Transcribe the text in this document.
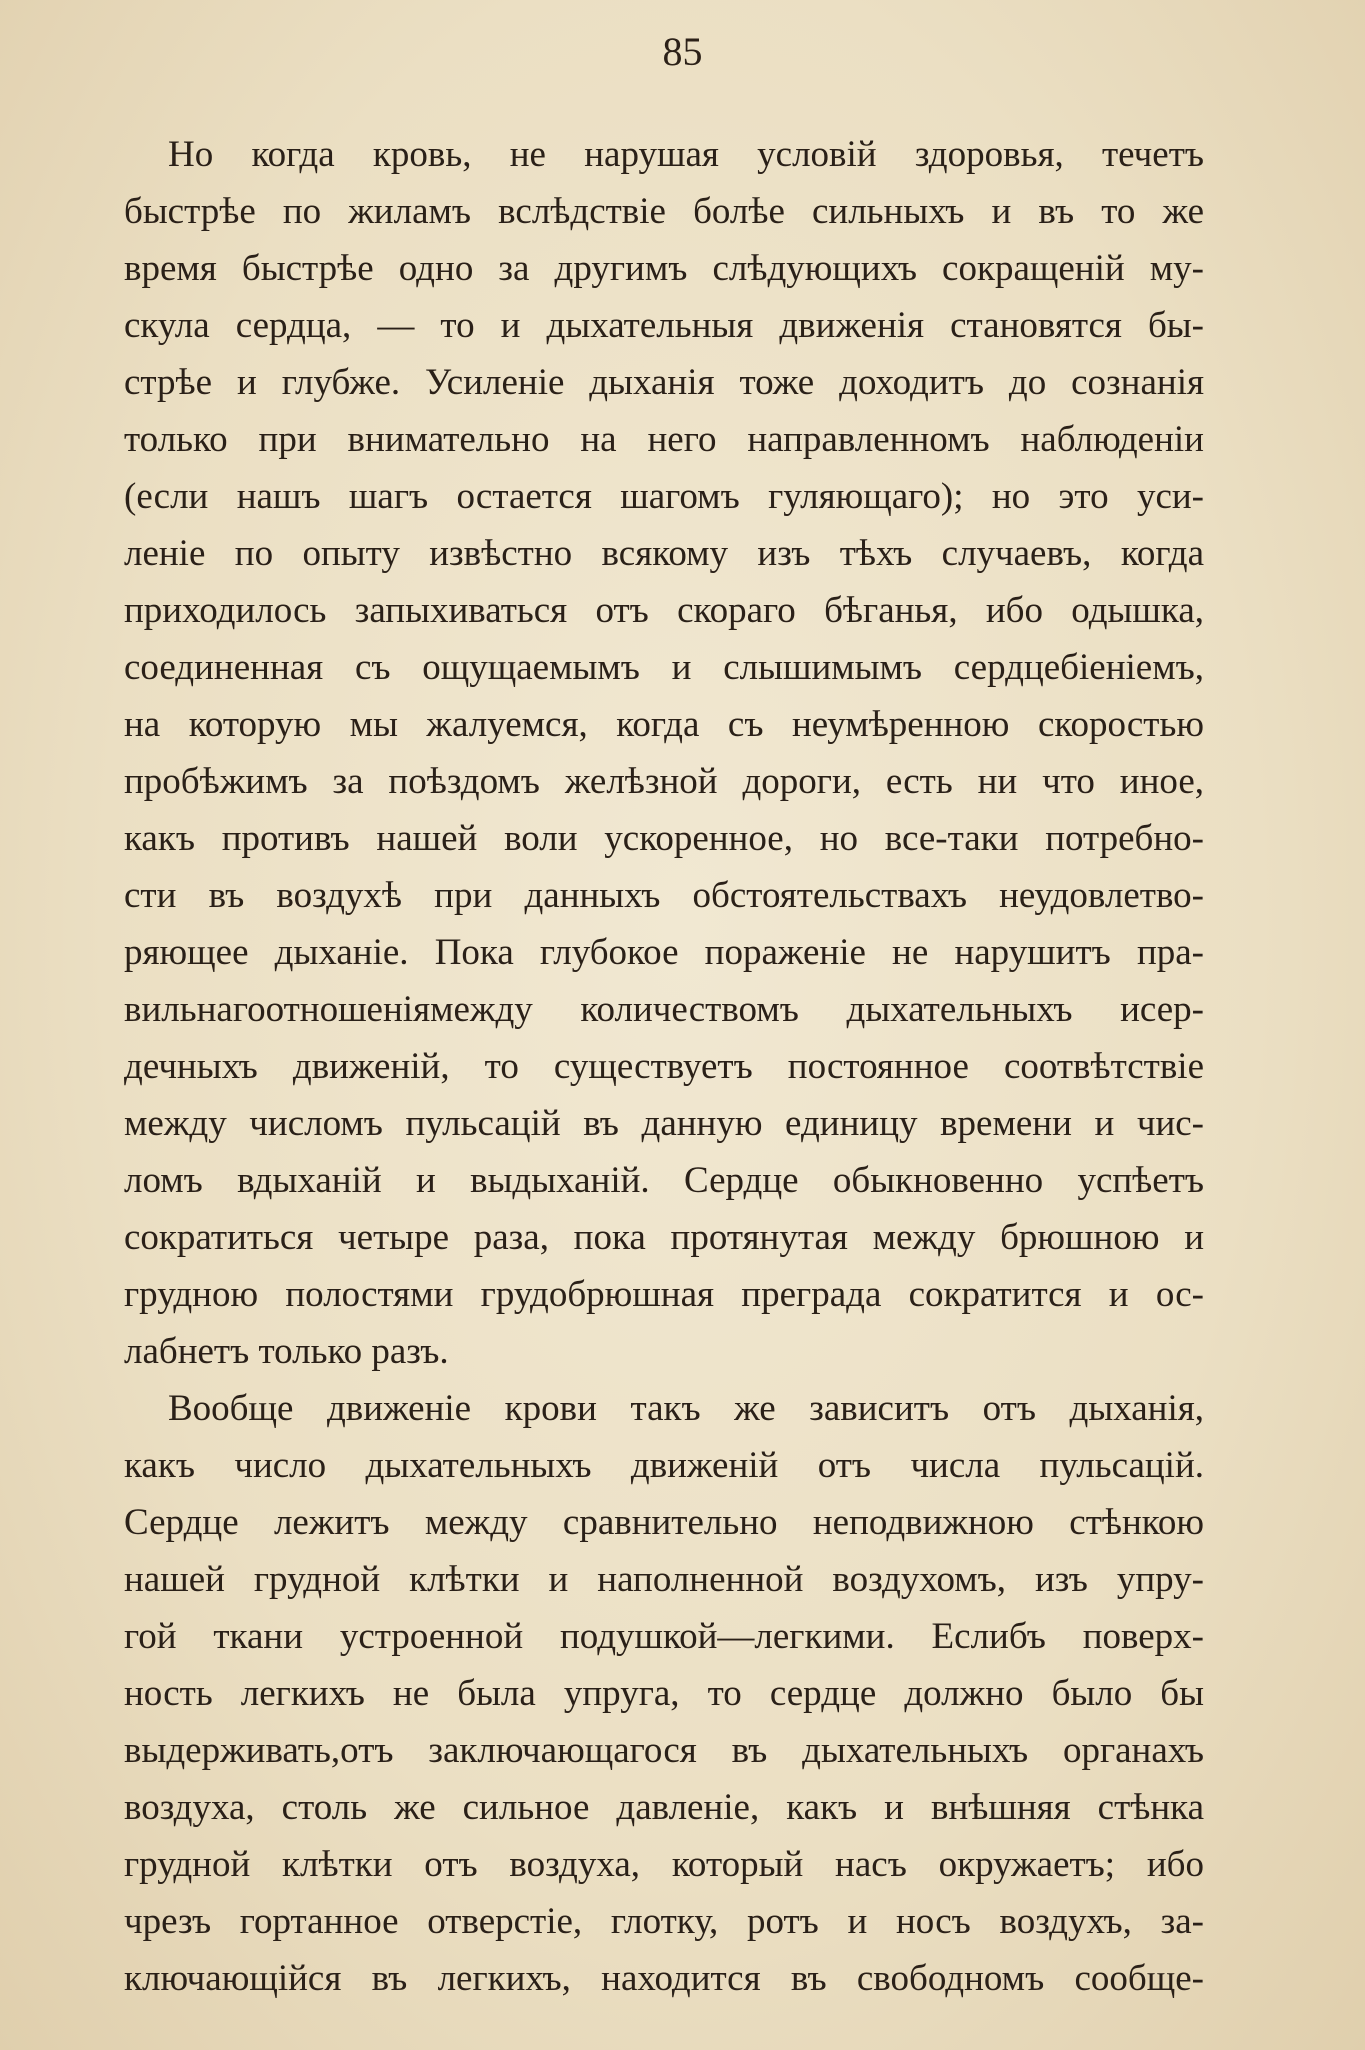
85
Но когда кровь, не нарушая условій здоровья, течетъ
быстрѣе по жиламъ вслѣдствіе болѣе сильныхъ и въ то же
время быстрѣе одно за другимъ слѣдующихъ сокращеній му-
скула сердца, — то и дыхательныя движенія становятся бы-
стрѣе и глубже. Усиленіе дыханія тоже доходитъ до сознанія
только при внимательно на него направленномъ наблюденіи
(если нашъ шагъ остается шагомъ гуляющаго); но это уси-
леніе по опыту извѣстно всякому изъ тѣхъ случаевъ, когда
приходилось запыхиваться отъ скораго бѣганья, ибо одышка,
соединенная съ ощущаемымъ и слышимымъ сердцебіеніемъ,
на которую мы жалуемся, когда съ неумѣренною скоростью
пробѣжимъ за поѣздомъ желѣзной дороги, есть ни что иное,
какъ противъ нашей воли ускоренное, но все-таки потребно-
сти въ воздухѣ при данныхъ обстоятельствахъ неудовлетво-
ряющее дыханіе. Пока глубокое пораженіе не нарушитъ пра-
вильнагоотношеніямежду количествомъ дыхательныхъ исер-
дечныхъ движеній, то существуетъ постоянное соотвѣтствіе
между числомъ пульсацій въ данную единицу времени и чис-
ломъ вдыханій и выдыханій. Сердце обыкновенно успѣетъ
сократиться четыре раза, пока протянутая между брюшною и
грудною полостями грудобрюшная преграда сократится и ос-
лабнетъ только разъ.
Вообще движеніе крови такъ же зависитъ отъ дыханія,
какъ число дыхательныхъ движеній отъ числа пульсацій.
Сердце лежитъ между сравнительно неподвижною стѣнкою
нашей грудной клѣтки и наполненной воздухомъ, изъ упру-
гой ткани устроенной подушкой—легкими. Еслибъ поверх-
ность легкихъ не была упруга, то сердце должно было бы
выдерживать,отъ заключающагося въ дыхательныхъ органахъ
воздуха, столь же сильное давленіе, какъ и внѣшняя стѣнка
грудной клѣтки отъ воздуха, который насъ окружаетъ; ибо
чрезъ гортанное отверстіе, глотку, ротъ и носъ воздухъ, за-
ключающійся въ легкихъ, находится въ свободномъ сообще-
